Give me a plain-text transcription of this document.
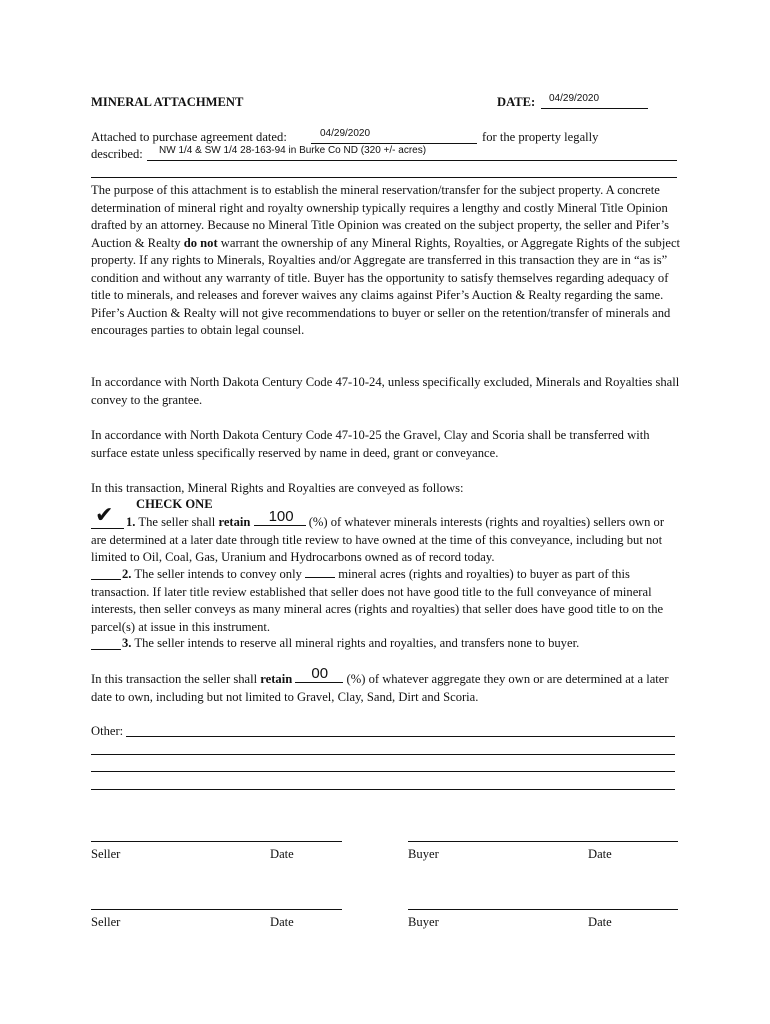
MINERAL ATTACHMENT	DATE: 04/29/2020
Attached to purchase agreement dated:	04/29/2020	for the property legally
described: NW 1/4 & SW 1/4 28-163-94 in Burke Co ND (320 +/- acres)

The purpose of this attachment is to establish the mineral reservation/transfer for the subject property. A concrete determination of mineral right and royalty ownership typically requires a lengthy and costly Mineral Title Opinion drafted by an attorney. Because no Mineral Title Opinion was created on the subject property, the seller and Pifer’s Auction & Realty do not warrant the ownership of any Mineral Rights, Royalties, or Aggregate Rights of the subject property. If any rights to Minerals, Royalties and/or Aggregate are transferred in this transaction they are in “as is” condition and without any warranty of title. Buyer has the opportunity to satisfy themselves regarding adequacy of title to minerals, and releases and forever waives any claims against Pifer’s Auction & Realty regarding the same. Pifer’s Auction & Realty will not give recommendations to buyer or seller on the retention/transfer of minerals and encourages parties to obtain legal counsel.

In accordance with North Dakota Century Code 47-10-24, unless specifically excluded, Minerals and Royalties shall convey to the grantee.
In accordance with North Dakota Century Code 47-10-25 the Gravel, Clay and Scoria shall be transferred with surface estate unless specifically reserved by name in deed, grant or conveyance.
In this transaction, Mineral Rights and Royalties are conveyed as follows:
CHECK ONE
✔ 1. The seller shall retain 100 (%) of whatever minerals interests (rights and royalties) sellers own or are determined at a later date through title review to have owned at the time of this conveyance, including but not limited to Oil, Coal, Gas, Uranium and Hydrocarbons owned as of record today.
2. The seller intends to convey only  mineral acres (rights and royalties) to buyer as part of this transaction. If later title review established that seller does not have good title to the full conveyance of mineral interests, then seller conveys as many mineral acres (rights and royalties) that seller does have good title to on the parcel(s) at issue in this instrument.
3. The seller intends to reserve all mineral rights and royalties, and transfers none to buyer.
In this transaction the seller shall retain 00 (%) of whatever aggregate they own or are determined at a later date to own, including but not limited to Gravel, Clay, Sand, Dirt and Scoria.
Other:
Seller	Date	Buyer	Date
Seller	Date	Buyer	Date
